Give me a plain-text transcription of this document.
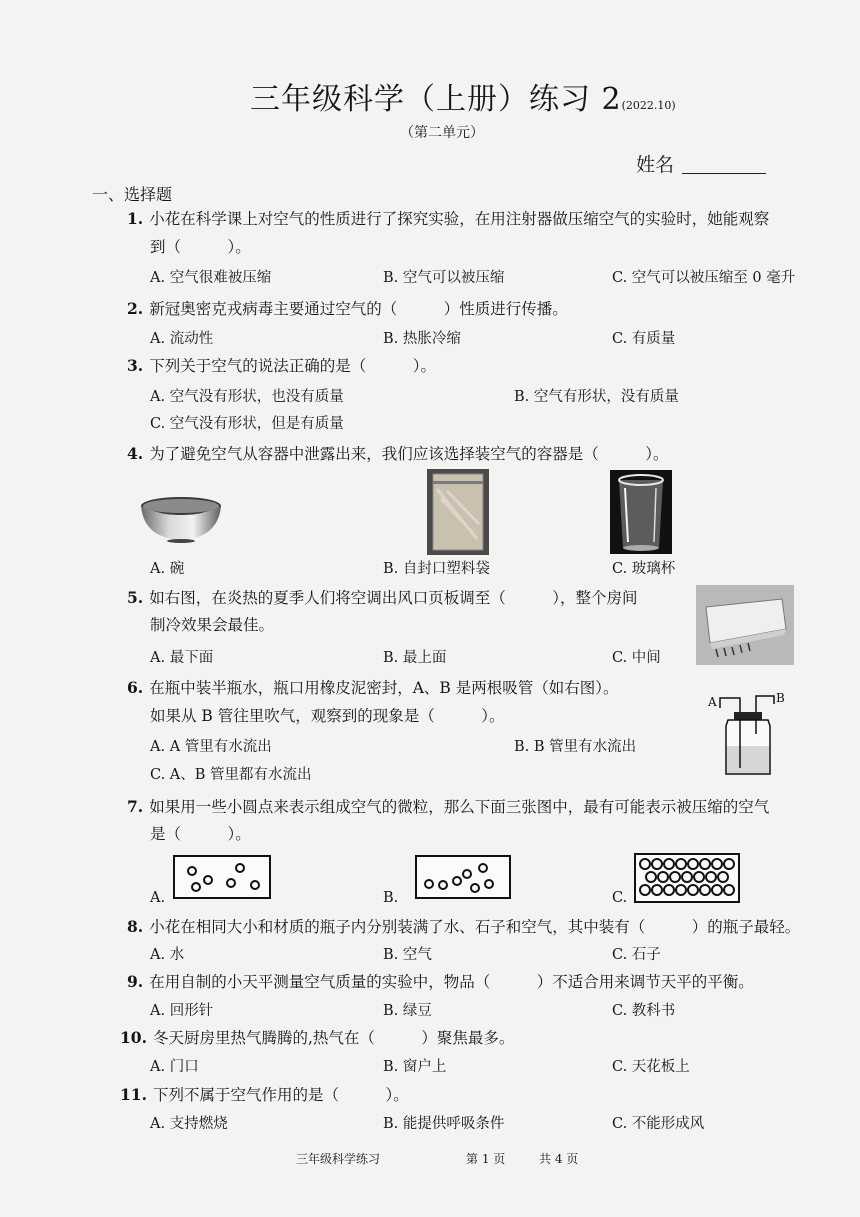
三年级科学（上册）练习 2(2022.10)
（第二单元）
姓名
一、选择题
1. 小花在科学课上对空气的性质进行了探究实验，在用注射器做压缩空气的实验时，她能观察
到（　　　）。
A. 空气很难被压缩	B. 空气可以被压缩	C. 空气可以被压缩至 0 毫升
2. 新冠奥密克戎病毒主要通过空气的（　　　）性质进行传播。
A. 流动性	B. 热胀冷缩	C. 有质量
3. 下列关于空气的说法正确的是（　　　）。
A. 空气没有形状，也没有质量	B. 空气有形状，没有质量
C. 空气没有形状，但是有质量
4. 为了避免空气从容器中泄露出来，我们应该选择装空气的容器是（　　　）。
A. 碗	B. 自封口塑料袋	C. 玻璃杯
5. 如右图，在炎热的夏季人们将空调出风口页板调至（　　　），整个房间
制冷效果会最佳。
A. 最下面	B. 最上面	C. 中间
6. 在瓶中装半瓶水，瓶口用橡皮泥密封，A、B 是两根吸管（如右图）。
如果从 B 管往里吹气，观察到的现象是（　　　）。
A	B
A. A 管里有水流出	B. B 管里有水流出
C. A、B 管里都有水流出
7. 如果用一些小圆点来表示组成空气的微粒，那么下面三张图中，最有可能表示被压缩的空气
是（　　　）。
A.	B.	C.
8. 小花在相同大小和材质的瓶子内分别装满了水、石子和空气，其中装有（　　　）的瓶子最轻。
A. 水	B. 空气	C. 石子
9. 在用自制的小天平测量空气质量的实验中，物品（　　　）不适合用来调节天平的平衡。
A. 回形针	B. 绿豆	C. 教科书
10. 冬天厨房里热气腾腾的,热气在（　　　）聚焦最多。
A. 门口	B. 窗户上	C. 天花板上
11. 下列不属于空气作用的是（　　　）。
A. 支持燃烧	B. 能提供呼吸条件	C. 不能形成风
三年级科学练习	第 1 页	共 4 页
